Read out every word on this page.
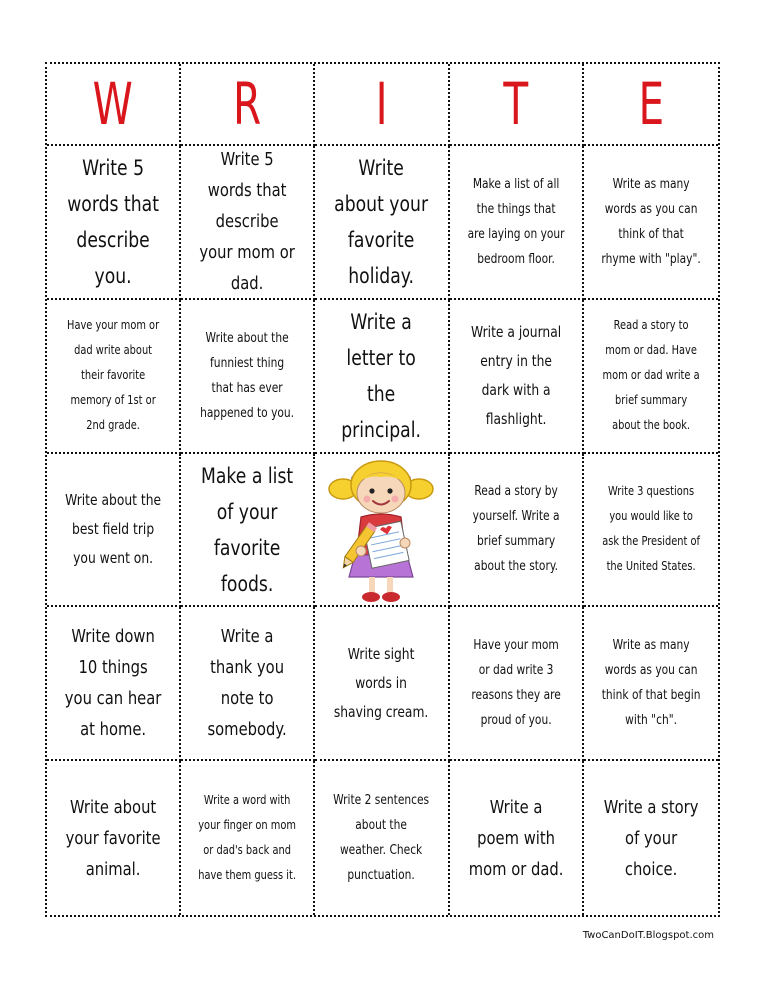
W R I T E
Write 5 words that describe you.
Write 5 words that describe your mom or dad.
Write about your favorite holiday.
Make a list of all the things that are laying on your bedroom floor.
Write as many words as you can think of that rhyme with "play".
Have your mom or dad write about their favorite memory of 1st or 2nd grade.
Write about the funniest thing that has ever happened to you.
Write a letter to the principal.
Write a journal entry in the dark with a flashlight.
Read a story to mom or dad. Have mom or dad write a brief summary about the book.
Write about the best field trip you went on.
Make a list of your favorite foods.
Read a story by yourself. Write a brief summary about the story.
Write 3 questions you would like to ask the President of the United States.
Write down 10 things you can hear at home.
Write a thank you note to somebody.
Write sight words in shaving cream.
Have your mom or dad write 3 reasons they are proud of you.
Write as many words as you can think of that begin with "ch".
Write about your favorite animal.
Write a word with your finger on mom or dad's back and have them guess it.
Write 2 sentences about the weather. Check punctuation.
Write a poem with mom or dad.
Write a story of your choice.
TwoCanDoIT.Blogspot.com
